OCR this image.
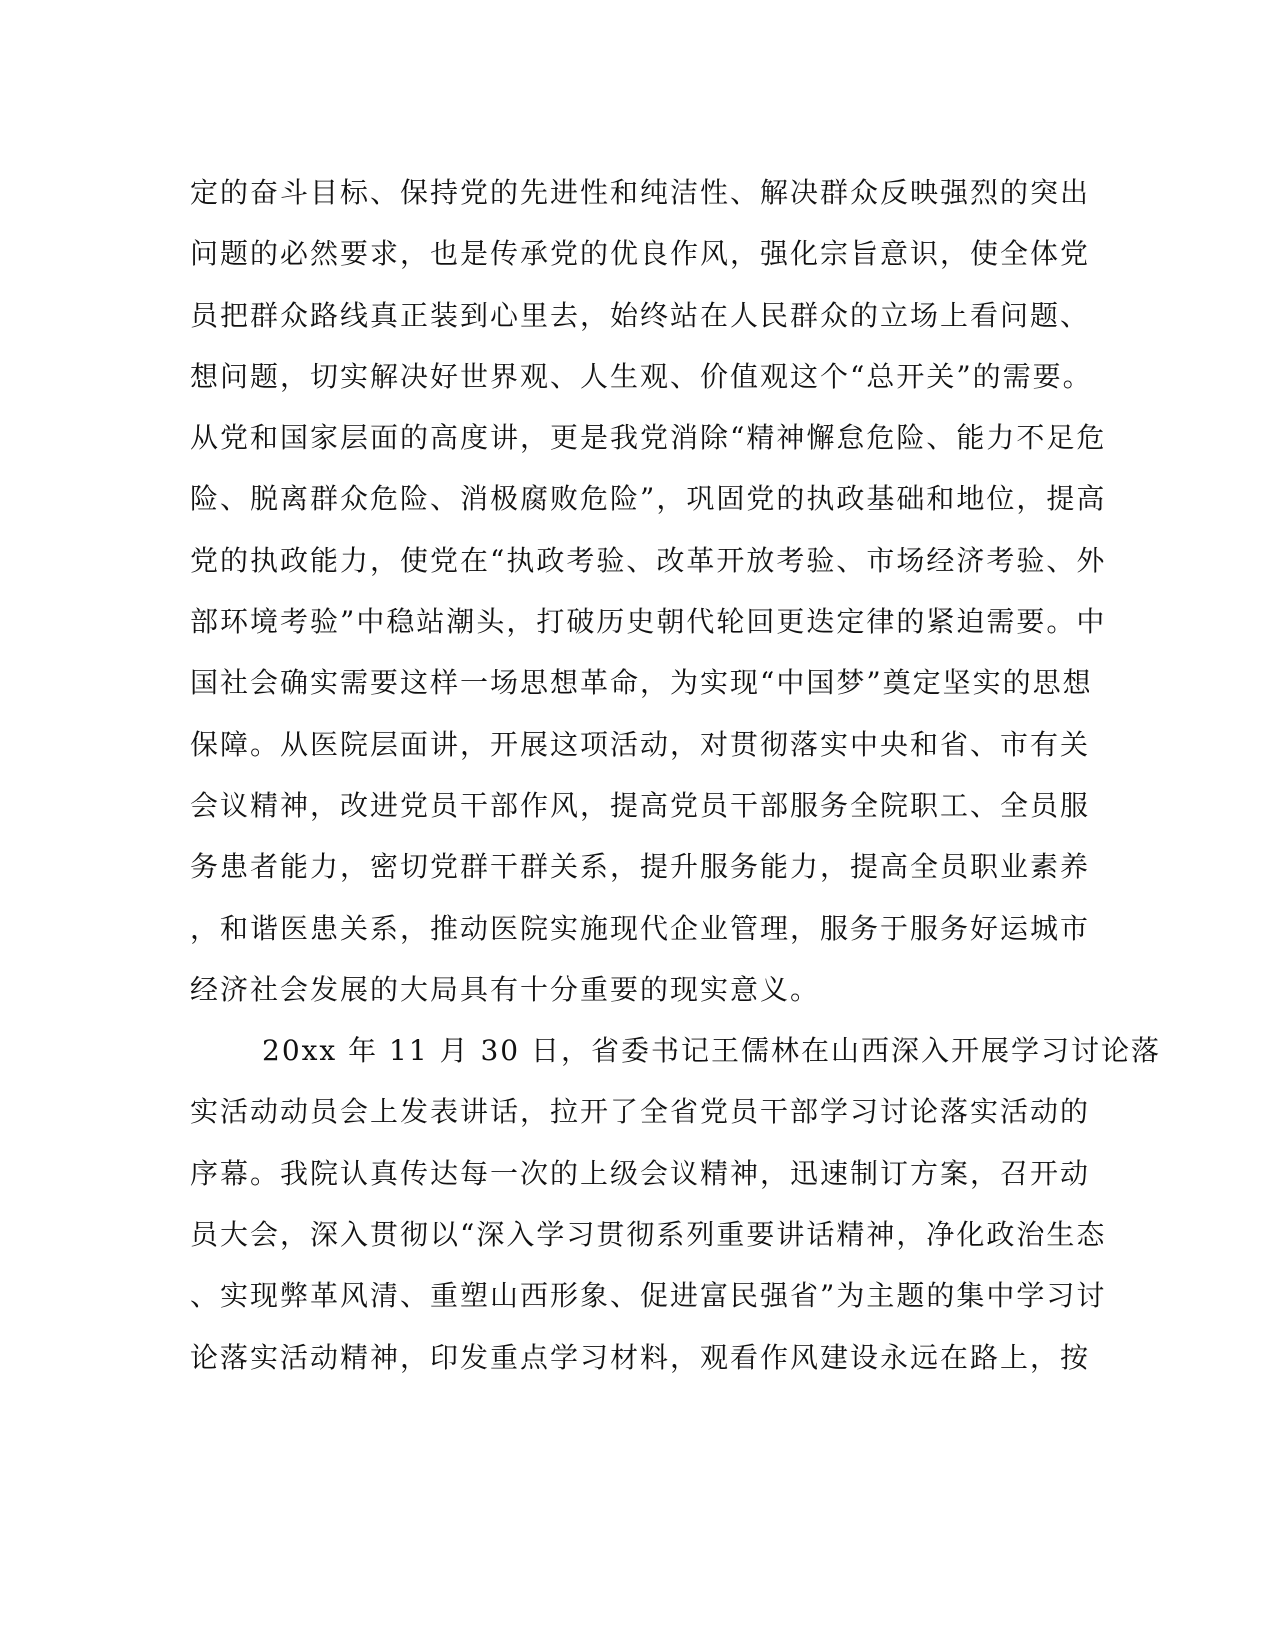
定的奋斗目标、保持党的先进性和纯洁性、解决群众反映强烈的突出
问题的必然要求，也是传承党的优良作风，强化宗旨意识，使全体党
员把群众路线真正装到心里去，始终站在人民群众的立场上看问题、
想问题，切实解决好世界观、人生观、价值观这个“总开关”的需要。
从党和国家层面的高度讲，更是我党消除“精神懈怠危险、能力不足危
险、脱离群众危险、消极腐败危险”，巩固党的执政基础和地位，提高
党的执政能力，使党在“执政考验、改革开放考验、市场经济考验、外
部环境考验”中稳站潮头，打破历史朝代轮回更迭定律的紧迫需要。中
国社会确实需要这样一场思想革命，为实现“中国梦”奠定坚实的思想
保障。从医院层面讲，开展这项活动，对贯彻落实中央和省、市有关
会议精神，改进党员干部作风，提高党员干部服务全院职工、全员服
务患者能力，密切党群干群关系，提升服务能力，提高全员职业素养
，和谐医患关系，推动医院实施现代企业管理，服务于服务好运城市
经济社会发展的大局具有十分重要的现实意义。
20xx 年 11 月 30 日，省委书记王儒林在山西深入开展学习讨论落
实活动动员会上发表讲话，拉开了全省党员干部学习讨论落实活动的
序幕。我院认真传达每一次的上级会议精神，迅速制订方案，召开动
员大会，深入贯彻以“深入学习贯彻系列重要讲话精神，净化政治生态
、实现弊革风清、重塑山西形象、促进富民强省”为主题的集中学习讨
论落实活动精神，印发重点学习材料，观看作风建设永远在路上，按
